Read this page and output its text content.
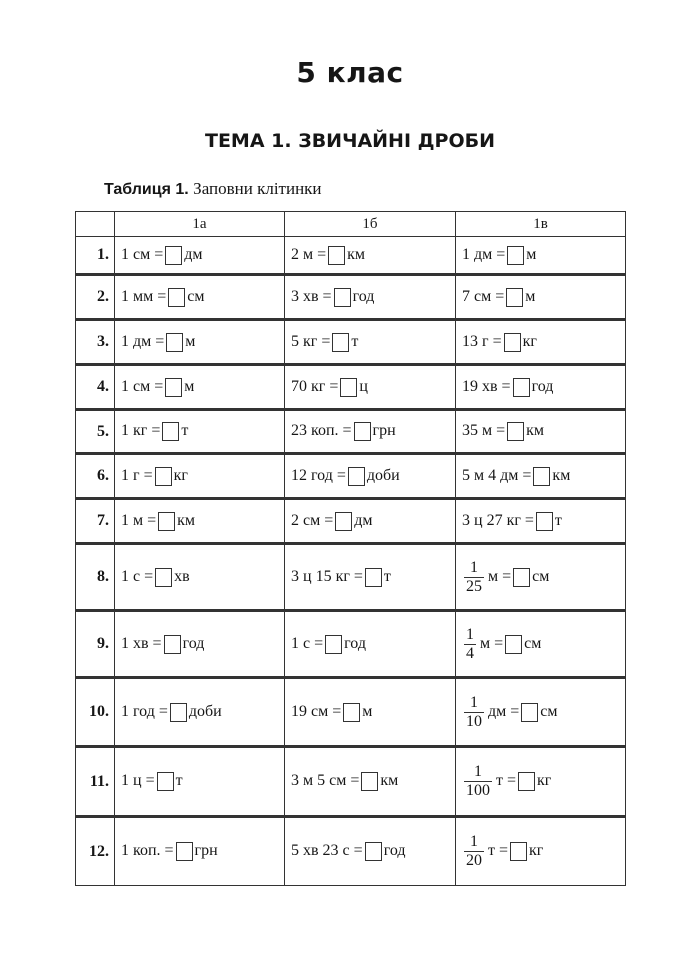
5 клас
ТЕМА 1. ЗВИЧАЙНІ ДРОБИ
Таблиця 1. Заповни клітинки
	1а	1б	1в
1.	1 см = дм	2 м = км	1 дм = м
2.	1 мм = см	3 хв = год	7 см = м
3.	1 дм = м	5 кг = т	13 г = кг
4.	1 см = м	70 кг = ц	19 хв = год
5.	1 кг = т	23 коп. = грн	35 м = км
6.	1 г = кг	12 год = доби	5 м 4 дм = км
7.	1 м = км	2 см = дм	3 ц 27 кг = т
8.	1 с = хв	3 ц 15 кг = т	$\frac{1}{25}$ м = см
9.	1 хв = год	1 с = год	$\frac{1}{4}$ м = см
10.	1 год = доби	19 см = м	$\frac{1}{10}$ дм = см
11.	1 ц = т	3 м 5 см = км	$\frac{1}{100}$ т = кг
12.	1 коп. = грн	5 хв 23 с = год	$\frac{1}{20}$ т = кг
